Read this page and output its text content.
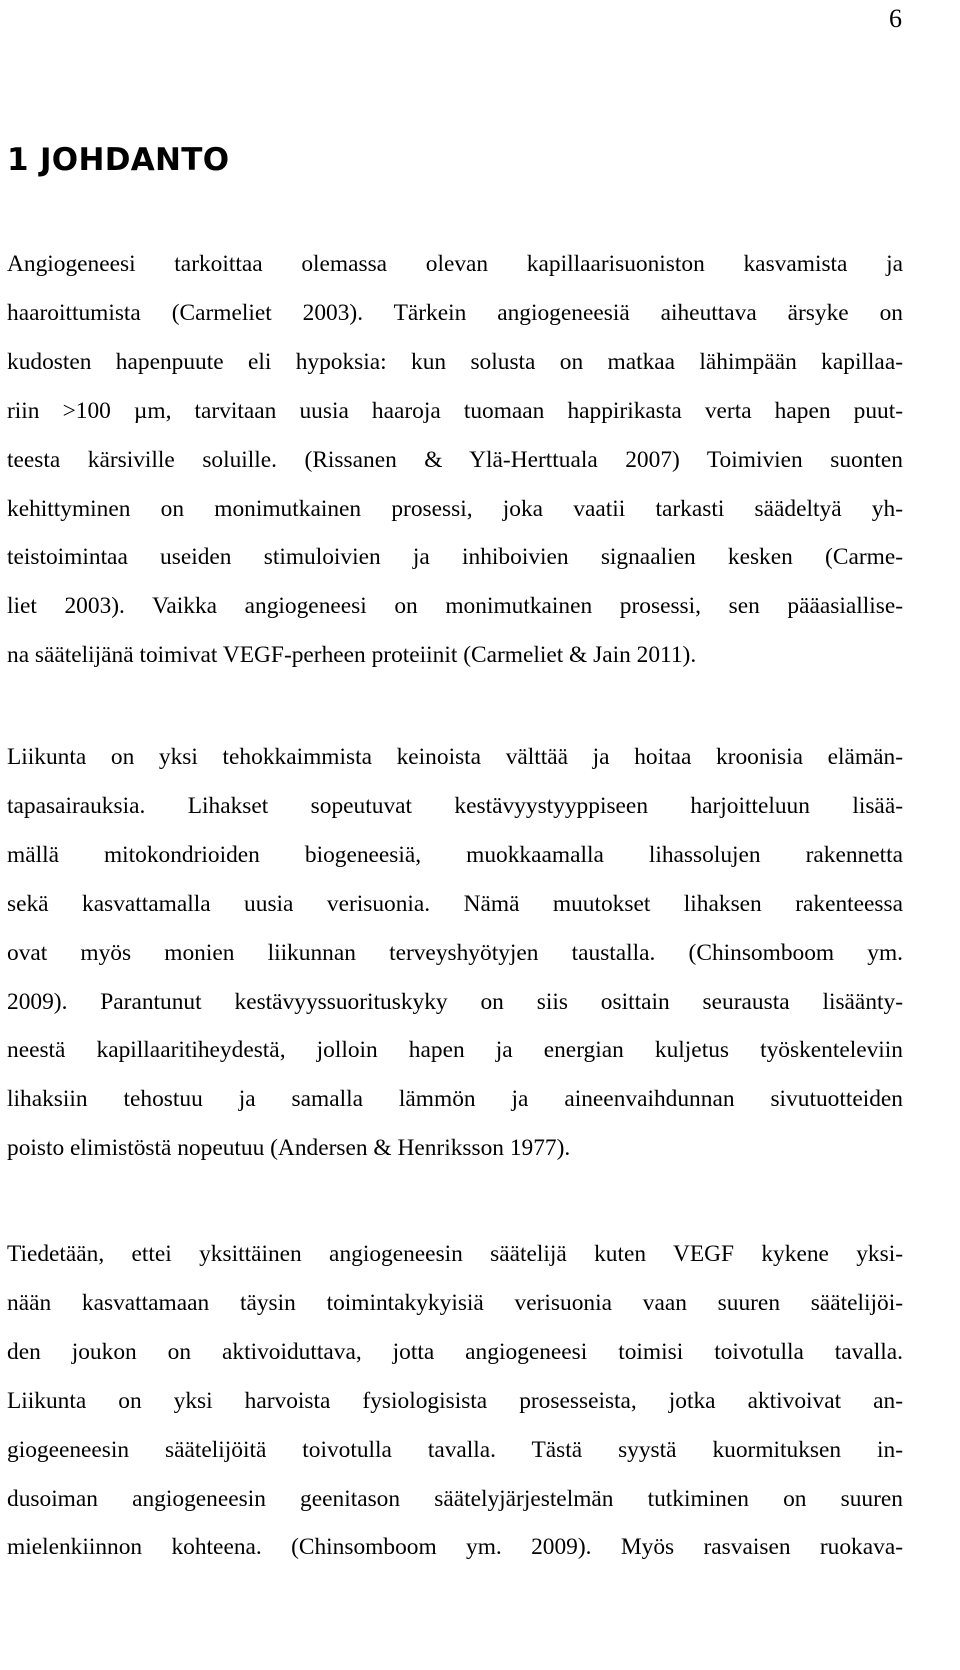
6
1 JOHDANTO
Angiogeneesi tarkoittaa olemassa olevan kapillaarisuoniston kasvamista ja
haaroittumista (Carmeliet 2003). Tärkein angiogeneesiä aiheuttava ärsyke on
kudosten hapenpuute eli hypoksia: kun solusta on matkaa lähimpään kapillaa-
riin >100 µm, tarvitaan uusia haaroja tuomaan happirikasta verta hapen puut-
teesta kärsiville soluille. (Rissanen & Ylä-Herttuala 2007) Toimivien suonten
kehittyminen on monimutkainen prosessi, joka vaatii tarkasti säädeltyä yh-
teistoimintaa useiden stimuloivien ja inhiboivien signaalien kesken (Carme-
liet 2003). Vaikka angiogeneesi on monimutkainen prosessi, sen pääasiallise-
na säätelijänä toimivat VEGF-perheen proteiinit (Carmeliet & Jain 2011).
Liikunta on yksi tehokkaimmista keinoista välttää ja hoitaa kroonisia elämän-
tapasairauksia. Lihakset sopeutuvat kestävyystyyppiseen harjoitteluun lisää-
mällä mitokondrioiden biogeneesiä, muokkaamalla lihassolujen rakennetta
sekä kasvattamalla uusia verisuonia. Nämä muutokset lihaksen rakenteessa
ovat myös monien liikunnan terveyshyötyjen taustalla. (Chinsomboom ym.
2009). Parantunut kestävyyssuorituskyky on siis osittain seurausta lisäänty-
neestä kapillaaritiheydestä, jolloin hapen ja energian kuljetus työskenteleviin
lihaksiin tehostuu ja samalla lämmön ja aineenvaihdunnan sivutuotteiden
poisto elimistöstä nopeutuu (Andersen & Henriksson 1977).
Tiedetään, ettei yksittäinen angiogeneesin säätelijä kuten VEGF kykene yksi-
nään kasvattamaan täysin toimintakykyisiä verisuonia vaan suuren säätelijöi-
den joukon on aktivoiduttava, jotta angiogeneesi toimisi toivotulla tavalla.
Liikunta on yksi harvoista fysiologisista prosesseista, jotka aktivoivat an-
giogeeneesin säätelijöitä toivotulla tavalla. Tästä syystä kuormituksen in-
dusoiman angiogeneesin geenitason säätelyjärjestelmän tutkiminen on suuren
mielenkiinnon kohteena. (Chinsomboom ym. 2009). Myös rasvaisen ruokava-
